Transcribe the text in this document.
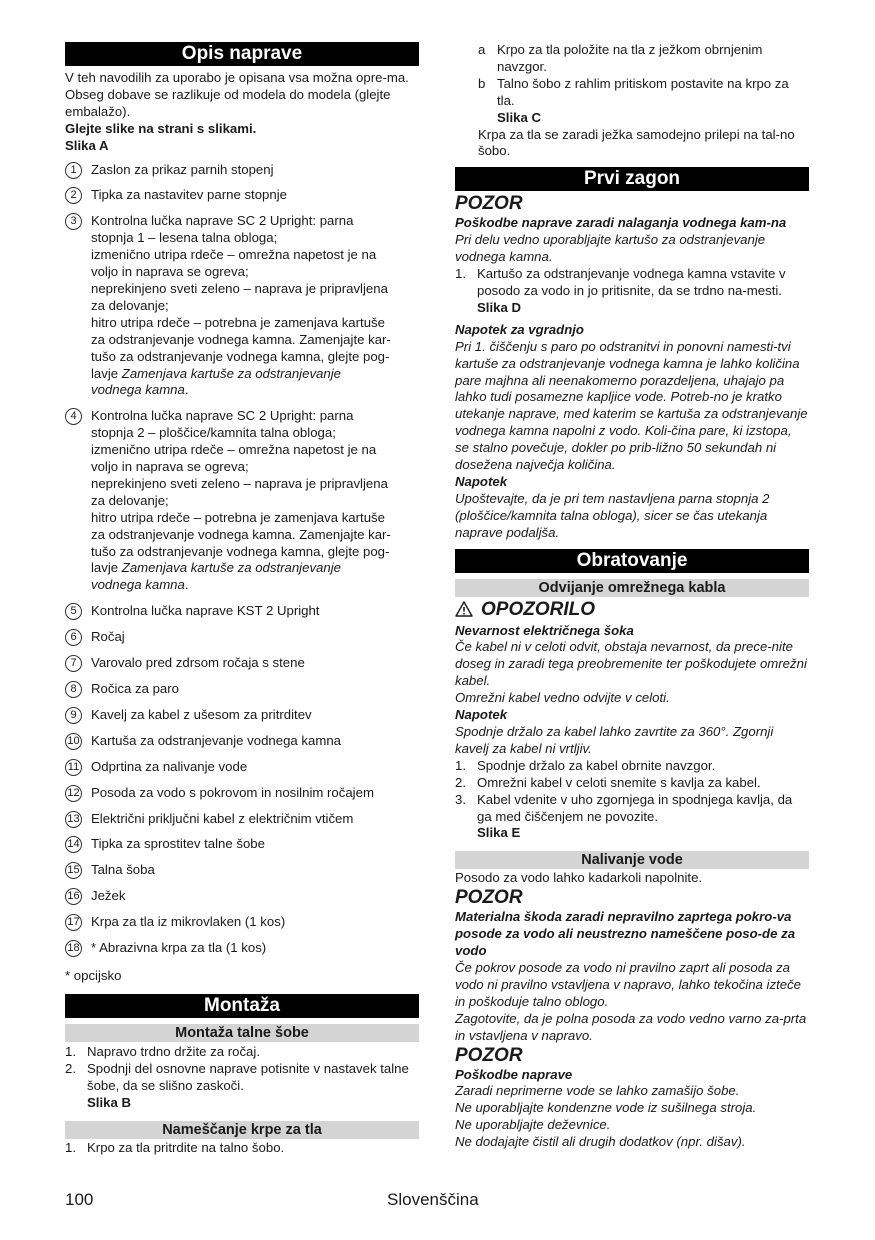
Opis naprave
V teh navodilih za uporabo je opisana vsa možna opre-ma. Obseg dobave se razlikuje od modela do modela (glejte embalažo).
Glejte slike na strani s slikami.
Slika A
1	Zaslon za prikaz parnih stopenj
2	Tipka za nastavitev parne stopnje
3	Kontrolna lučka naprave SC 2 Upright: parna
stopnja 1 – lesena talna obloga;
izmenično utripa rdeče – omrežna napetost je na
voljo in naprava se ogreva;
neprekinjeno sveti zeleno – naprava je pripravljena
za delovanje;
hitro utripa rdeče – potrebna je zamenjava kartuše
za odstranjevanje vodnega kamna. Zamenjajte kar-
tušo za odstranjevanje vodnega kamna, glejte pog-
lavje Zamenjava kartuše za odstranjevanje
vodnega kamna.
4	Kontrolna lučka naprave SC 2 Upright: parna
stopnja 2 – ploščice/kamnita talna obloga;
izmenično utripa rdeče – omrežna napetost je na
voljo in naprava se ogreva;
neprekinjeno sveti zeleno – naprava je pripravljena
za delovanje;
hitro utripa rdeče – potrebna je zamenjava kartuše
za odstranjevanje vodnega kamna. Zamenjajte kar-
tušo za odstranjevanje vodnega kamna, glejte pog-
lavje Zamenjava kartuše za odstranjevanje
vodnega kamna.
5	Kontrolna lučka naprave KST 2 Upright
6	Ročaj
7	Varovalo pred zdrsom ročaja s stene
8	Ročica za paro
9	Kavelj za kabel z ušesom za pritrditev
10 Kartuša za odstranjevanje vodnega kamna
11 Odprtina za nalivanje vode
12 Posoda za vodo s pokrovom in nosilnim ročajem
13 Električni priključni kabel z električnim vtičem
14 Tipka za sprostitev talne šobe
15 Talna šoba
16 Ježek
17 Krpa za tla iz mikrovlaken (1 kos)
18 * Abrazivna krpa za tla (1 kos)
* opcijsko
Montaža
Montaža talne šobe
1. Napravo trdno držite za ročaj.
2. Spodnji del osnovne naprave potisnite v nastavek talne šobe, da se slišno zaskoči.
Slika B
Nameščanje krpe za tla
1. Krpo za tla pritrdite na talno šobo.
a Krpo za tla položite na tla z ježkom obrnjenim navzgor.
b Talno šobo z rahlim pritiskom postavite na krpo za tla.
Slika C
Krpa za tla se zaradi ježka samodejno prilepi na tal-no šobo.
Prvi zagon
POZOR
Poškodbe naprave zaradi nalaganja vodnega kam-na
Pri delu vedno uporabljajte kartušo za odstranjevanje vodnega kamna.
1. Kartušo za odstranjevanje vodnega kamna vstavite v posodo za vodo in jo pritisnite, da se trdno na-mesti.
Slika D
Napotek za vgradnjo
Pri 1. čiščenju s paro po odstranitvi in ponovni namesti-tvi kartuše za odstranjevanje vodnega kamna je lahko količina pare majhna ali neenakomerno porazdeljena, uhajajo pa lahko tudi posamezne kapljice vode. Potreb-no je kratko utekanje naprave, med katerim se kartuša za odstranjevanje vodnega kamna napolni z vodo. Koli-čina pare, ki izstopa, se stalno povečuje, dokler po prib-ližno 50 sekundah ni dosežena največja količina.
Napotek
Upoštevajte, da je pri tem nastavljena parna stopnja 2 (ploščice/kamnita talna obloga), sicer se čas utekanja naprave podaljša.
Obratovanje
Odvijanje omrežnega kabla
OPOZORILO
Nevarnost električnega šoka
Če kabel ni v celoti odvit, obstaja nevarnost, da prece-nite doseg in zaradi tega preobremenite ter poškodujete omrežni kabel.
Omrežni kabel vedno odvijte v celoti.
Napotek
Spodnje držalo za kabel lahko zavrtite za 360°. Zgornji kavelj za kabel ni vrtljiv.
1. Spodnje držalo za kabel obrnite navzgor.
2. Omrežni kabel v celoti snemite s kavlja za kabel.
3. Kabel vdenite v uho zgornjega in spodnjega kavlja, da ga med čiščenjem ne povozite.
Slika E
Nalivanje vode
Posodo za vodo lahko kadarkoli napolnite.
POZOR
Materialna škoda zaradi nepravilno zaprtega pokro-va posode za vodo ali neustrezno nameščene poso-de za vodo
Če pokrov posode za vodo ni pravilno zaprt ali posoda za vodo ni pravilno vstavljena v napravo, lahko tekočina izteče in poškoduje talno oblogo.
Zagotovite, da je polna posoda za vodo vedno varno za-prta in vstavljena v napravo.
POZOR
Poškodbe naprave
Zaradi neprimerne vode se lahko zamašijo šobe.
Ne uporabljajte kondenzne vode iz sušilnega stroja.
Ne uporabljajte deževnice.
Ne dodajajte čistil ali drugih dodatkov (npr. dišav).
100	Slovenščina
